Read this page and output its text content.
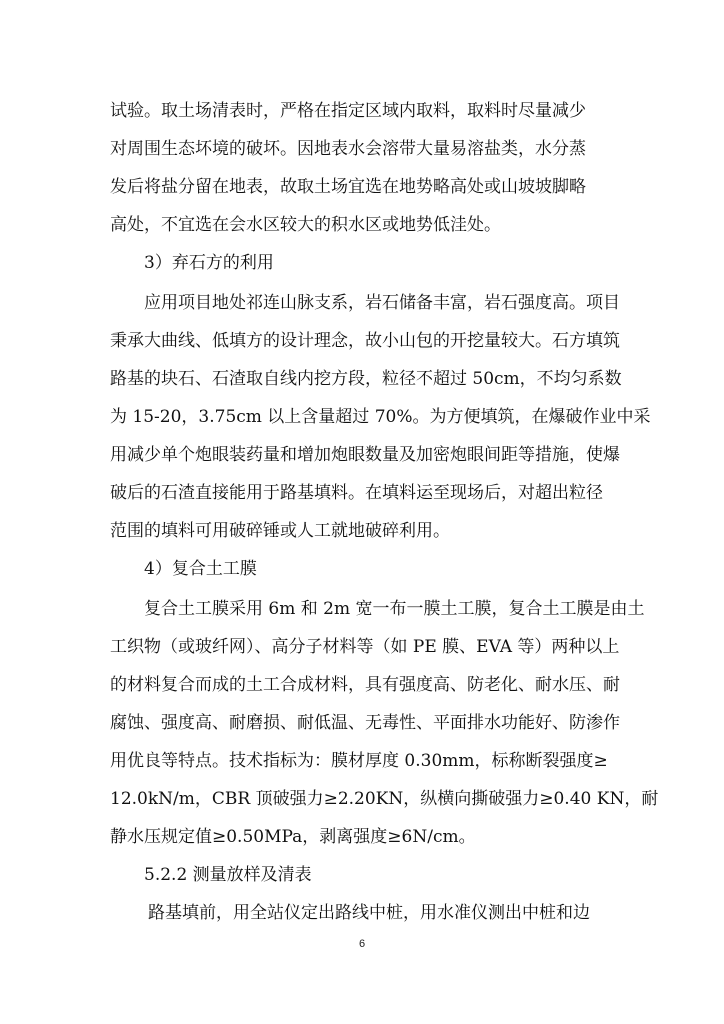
试验。取土场清表时，严格在指定区域内取料，取料时尽量减少
对周围生态坏境的破坏。因地表水会溶带大量易溶盐类，水分蒸
发后将盐分留在地表，故取土场宜选在地势略高处或山坡坡脚略
高处，不宜选在会水区较大的积水区或地势低洼处。
3）弃石方的利用
应用项目地处祁连山脉支系，岩石储备丰富，岩石强度高。项目
秉承大曲线、低填方的设计理念，故小山包的开挖量较大。石方填筑
路基的块石、石渣取自线内挖方段，粒径不超过 50cm，不均匀系数
为 15-20，3.75cm 以上含量超过 70%。为方便填筑，在爆破作业中采
用减少单个炮眼装药量和增加炮眼数量及加密炮眼间距等措施，使爆
破后的石渣直接能用于路基填料。在填料运至现场后，对超出粒径
范围的填料可用破碎锤或人工就地破碎利用。
4）复合土工膜
复合土工膜采用 6m 和 2m 宽一布一膜土工膜，复合土工膜是由土
工织物（或玻纤网）、高分子材料等（如 PE 膜、EVA 等）两种以上
的材料复合而成的土工合成材料，具有强度高、防老化、耐水压、耐
腐蚀、强度高、耐磨损、耐低温、无毒性、平面排水功能好、防渗作
用优良等特点。技术指标为：膜材厚度 0.30mm，标称断裂强度≥
12.0kN/m，CBR 顶破强力≥2.20KN，纵横向撕破强力≥0.40 KN，耐
静水压规定值≥0.50MPa，剥离强度≥6N/cm。
5.2.2 测量放样及清表
路基填前，用全站仪定出路线中桩，用水准仪测出中桩和边
6
